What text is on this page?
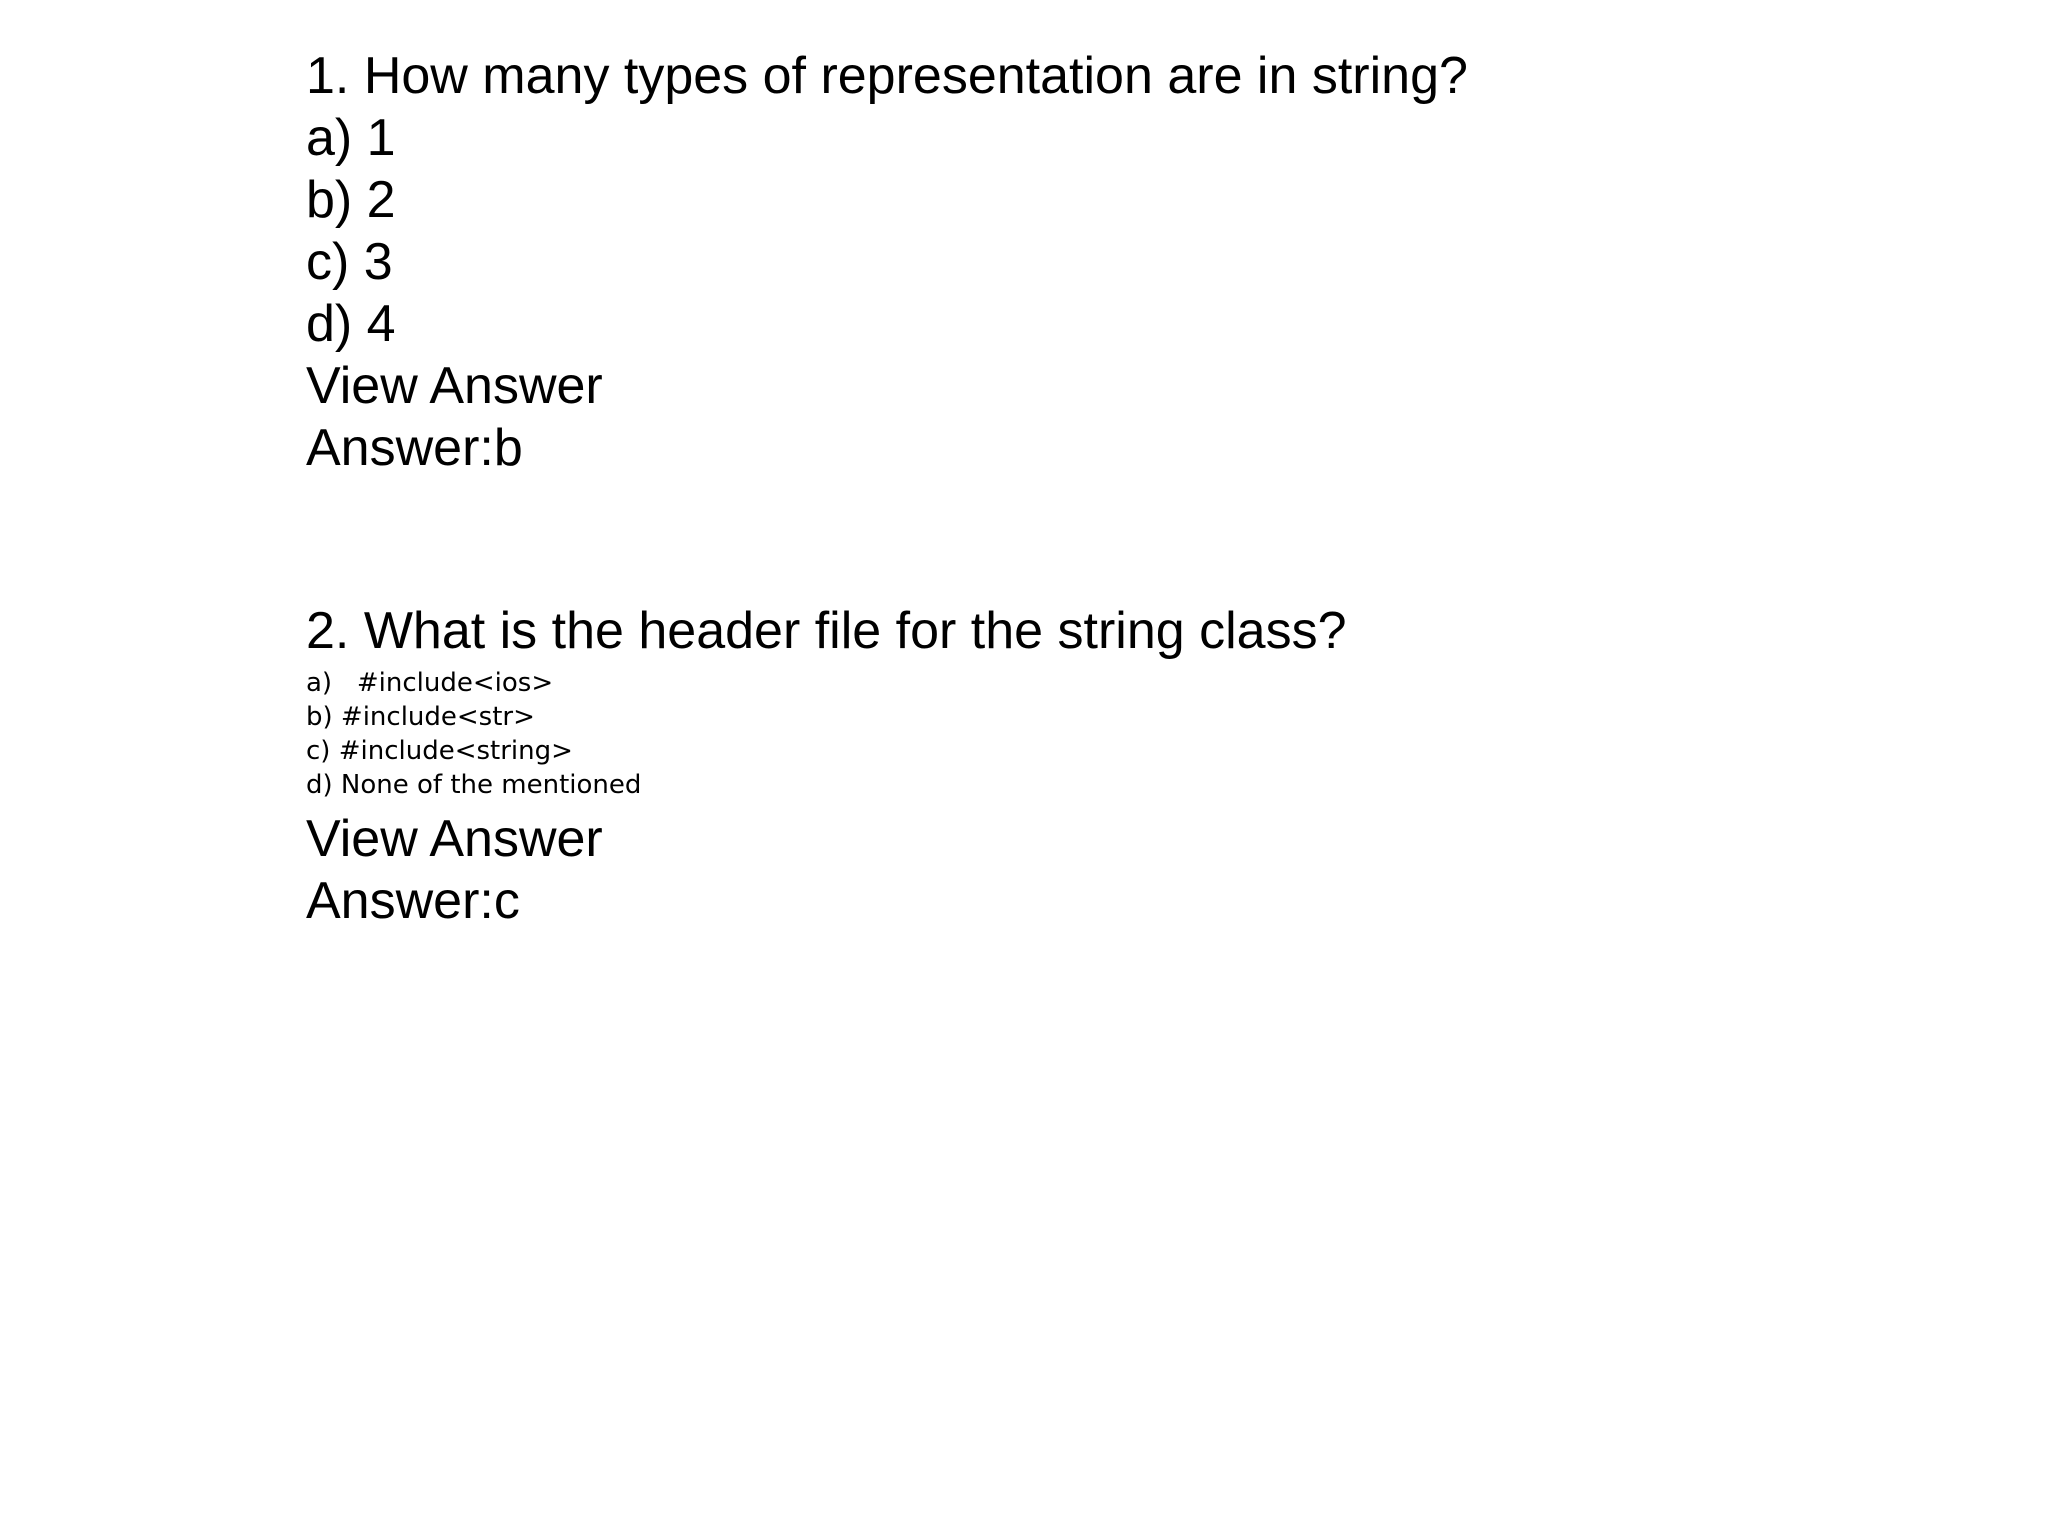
1. How many types of representation are in string?

a) 1

b) 2

c) 3

d) 4

View Answer

Answer:b

2. What is the header file for the string class?

a)   #include<ios>

b) #include<str>

c) #include<string>

d) None of the mentioned

View Answer

Answer:c
